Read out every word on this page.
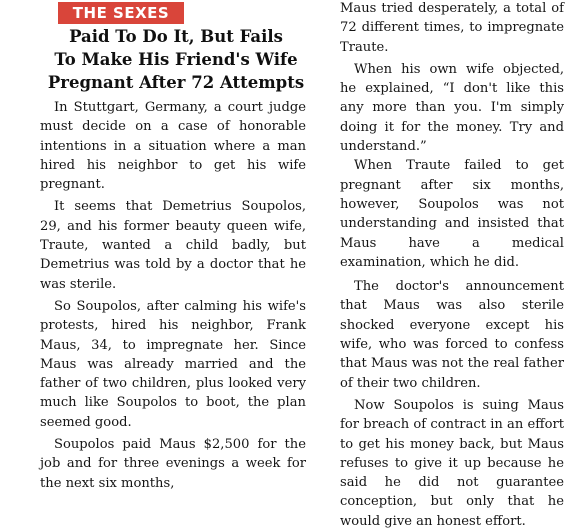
THE SEXES
Paid To Do It, But Fails
To Make His Friend's Wife
Pregnant After 72 Attempts

In Stuttgart, Germany, a court judge must decide on a case of honorable intentions in a situation where a man hired his neighbor to get his wife pregnant.

It seems that Demetrius Soupolos, 29, and his former beauty queen wife, Traute, wanted a child badly, but Demetrius was told by a doctor that he was sterile.

So Soupolos, after calming his wife's protests, hired his neighbor, Frank Maus, 34, to impregnate her. Since Maus was already married and the father of two children, plus looked very much like Soupolos to boot, the plan seemed good.

Soupolos paid Maus $2,500 for the job and for three evenings a week for the next six months,

Maus tried desperately, a total of 72 different times, to impregnate Traute.

When his own wife objected, he explained, “I don't like this any more than you. I'm simply doing it for the money. Try and understand.”

When Traute failed to get pregnant after six months, however, Soupolos was not understanding and insisted that Maus have a medical examination, which he did.

The doctor's announcement that Maus was also sterile shocked everyone except his wife, who was forced to confess that Maus was not the real father of their two children.

Now Soupolos is suing Maus for breach of contract in an effort to get his money back, but Maus refuses to give it up because he said he did not guarantee conception, but only that he would give an honest effort.
